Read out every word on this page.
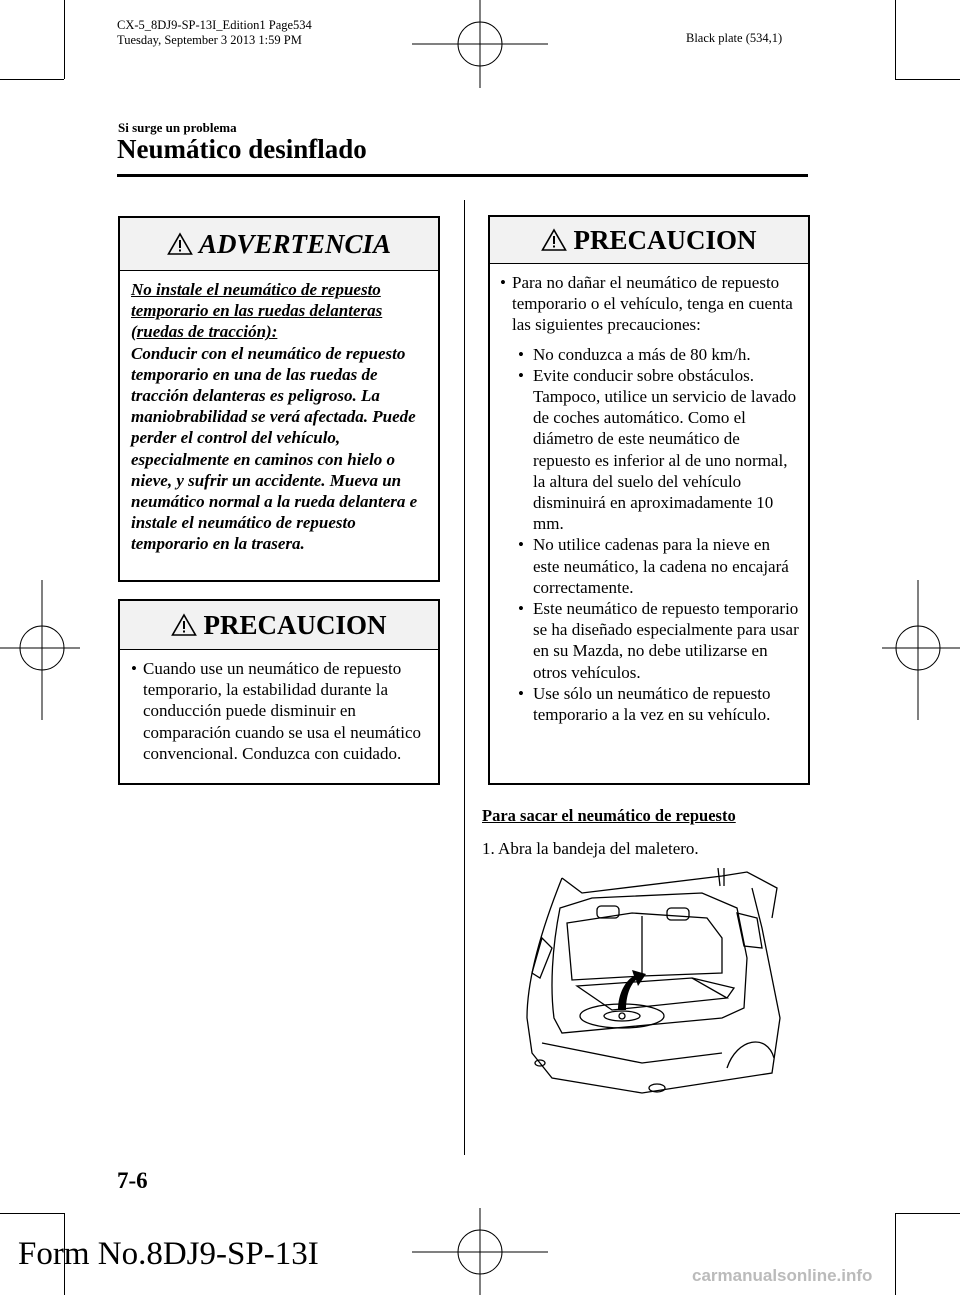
CX-5_8DJ9-SP-13I_Edition1 Page534
Tuesday, September 3 2013 1:59 PM	Black plate (534,1)
Si surge un problema
Neumático desinflado
ADVERTENCIA
No instale el neumático de repuesto temporario en las ruedas delanteras (ruedas de tracción):
Conducir con el neumático de repuesto temporario en una de las ruedas de tracción delanteras es peligroso. La maniobrabilidad se verá afectada. Puede perder el control del vehículo, especialmente en caminos con hielo o nieve, y sufrir un accidente. Mueva un neumático normal a la rueda delantera e instale el neumático de repuesto temporario en la trasera.
PRECAUCION
• Cuando use un neumático de repuesto temporario, la estabilidad durante la conducción puede disminuir en comparación cuando se usa el neumático convencional. Conduzca con cuidado.
PRECAUCION
• Para no dañar el neumático de repuesto temporario o el vehículo, tenga en cuenta las siguientes precauciones:
• No conduzca a más de 80 km/h.
• Evite conducir sobre obstáculos. Tampoco, utilice un servicio de lavado de coches automático. Como el diámetro de este neumático de repuesto es inferior al de uno normal, la altura del suelo del vehículo disminuirá en aproximadamente 10 mm.
• No utilice cadenas para la nieve en este neumático, la cadena no encajará correctamente.
• Este neumático de repuesto temporario se ha diseñado especialmente para usar en su Mazda, no debe utilizarse en otros vehículos.
• Use sólo un neumático de repuesto temporario a la vez en su vehículo.
Para sacar el neumático de repuesto
1. Abra la bandeja del maletero.
7-6
Form No.8DJ9-SP-13I
carmanualsonline.info
